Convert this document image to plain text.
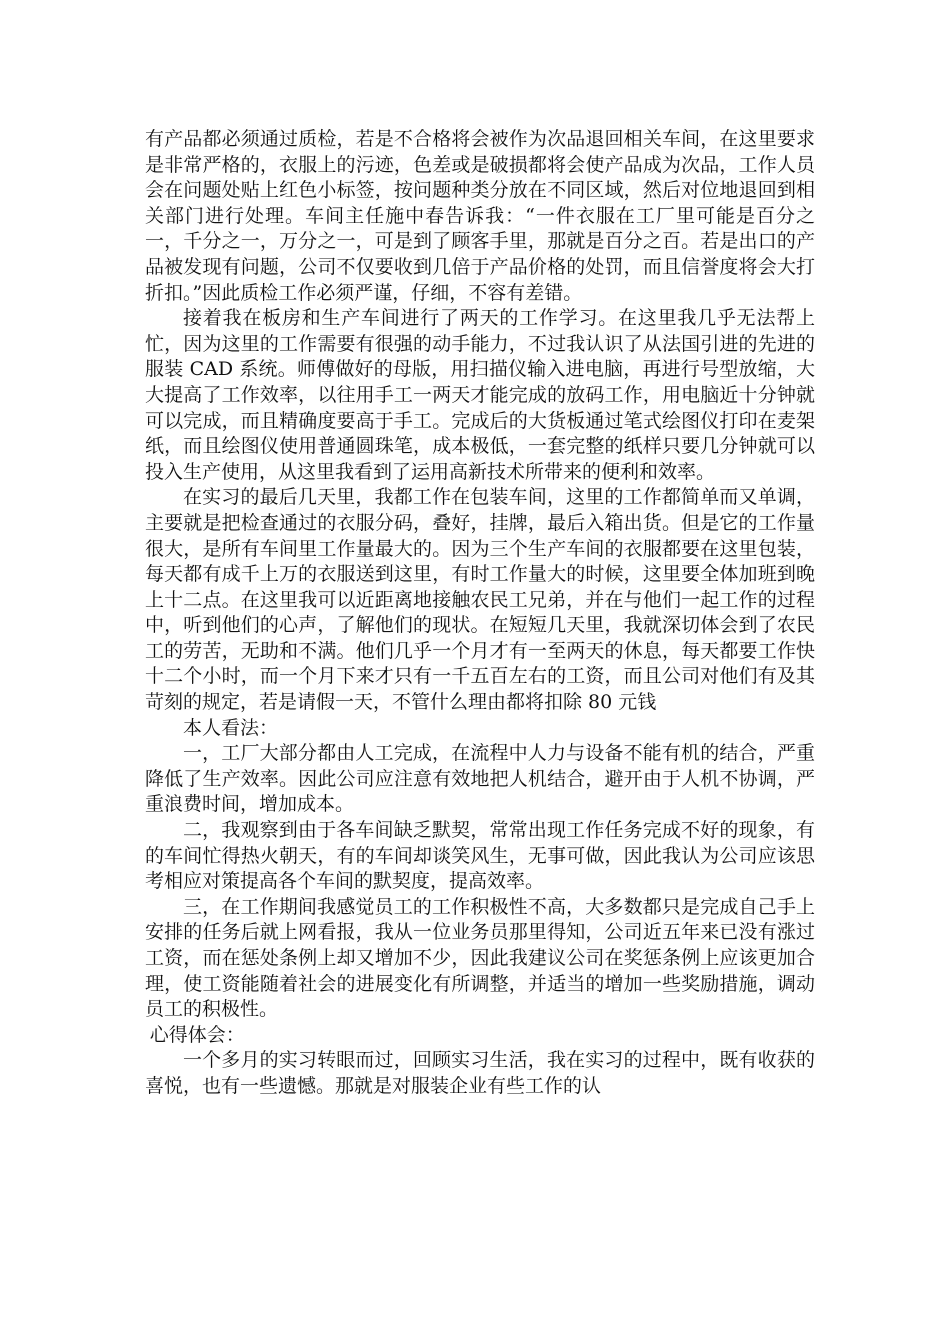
有产品都必须通过质检，若是不合格将会被作为次品退回相关车间，在这里要求是非常严格的，衣服上的污迹，色差或是破损都将会使产品成为次品，工作人员会在问题处贴上红色小标签，按问题种类分放在不同区域，然后对位地退回到相关部门进行处理。车间主任施中春告诉我：“一件衣服在工厂里可能是百分之一，千分之一，万分之一，可是到了顾客手里，那就是百分之百。若是出口的产品被发现有问题，公司不仅要收到几倍于产品价格的处罚，而且信誉度将会大打折扣。”因此质检工作必须严谨，仔细，不容有差错。

接着我在板房和生产车间进行了两天的工作学习。在这里我几乎无法帮上忙，因为这里的工作需要有很强的动手能力，不过我认识了从法国引进的先进的服装 CAD 系统。师傅做好的母版，用扫描仪输入进电脑，再进行号型放缩，大大提高了工作效率，以往用手工一两天才能完成的放码工作，用电脑近十分钟就可以完成，而且精确度要高于手工。完成后的大货板通过笔式绘图仪打印在麦架纸，而且绘图仪使用普通圆珠笔，成本极低，一套完整的纸样只要几分钟就可以投入生产使用，从这里我看到了运用高新技术所带来的便利和效率。

在实习的最后几天里，我都工作在包装车间，这里的工作都简单而又单调，主要就是把检查通过的衣服分码，叠好，挂牌，最后入箱出货。但是它的工作量很大，是所有车间里工作量最大的。因为三个生产车间的衣服都要在这里包装，每天都有成千上万的衣服送到这里，有时工作量大的时候，这里要全体加班到晚上十二点。在这里我可以近距离地接触农民工兄弟，并在与他们一起工作的过程中，听到他们的心声，了解他们的现状。在短短几天里，我就深切体会到了农民工的劳苦，无助和不满。他们几乎一个月才有一至两天的休息，每天都要工作快十二个小时，而一个月下来才只有一千五百左右的工资，而且公司对他们有及其苛刻的规定，若是请假一天，不管什么理由都将扣除 80 元钱

本人看法：

一，工厂大部分都由人工完成，在流程中人力与设备不能有机的结合，严重降低了生产效率。因此公司应注意有效地把人机结合，避开由于人机不协调，严重浪费时间，增加成本。

二，我观察到由于各车间缺乏默契，常常出现工作任务完成不好的现象，有的车间忙得热火朝天，有的车间却谈笑风生，无事可做，因此我认为公司应该思考相应对策提高各个车间的默契度，提高效率。

三，在工作期间我感觉员工的工作积极性不高，大多数都只是完成自己手上安排的任务后就上网看报，我从一位业务员那里得知，公司近五年来已没有涨过工资，而在惩处条例上却又增加不少，因此我建议公司在奖惩条例上应该更加合理，使工资能随着社会的进展变化有所调整，并适当的增加一些奖励措施，调动员工的积极性。

心得体会：

一个多月的实习转眼而过，回顾实习生活，我在实习的过程中，既有收获的喜悦，也有一些遗憾。那就是对服装企业有些工作的认
